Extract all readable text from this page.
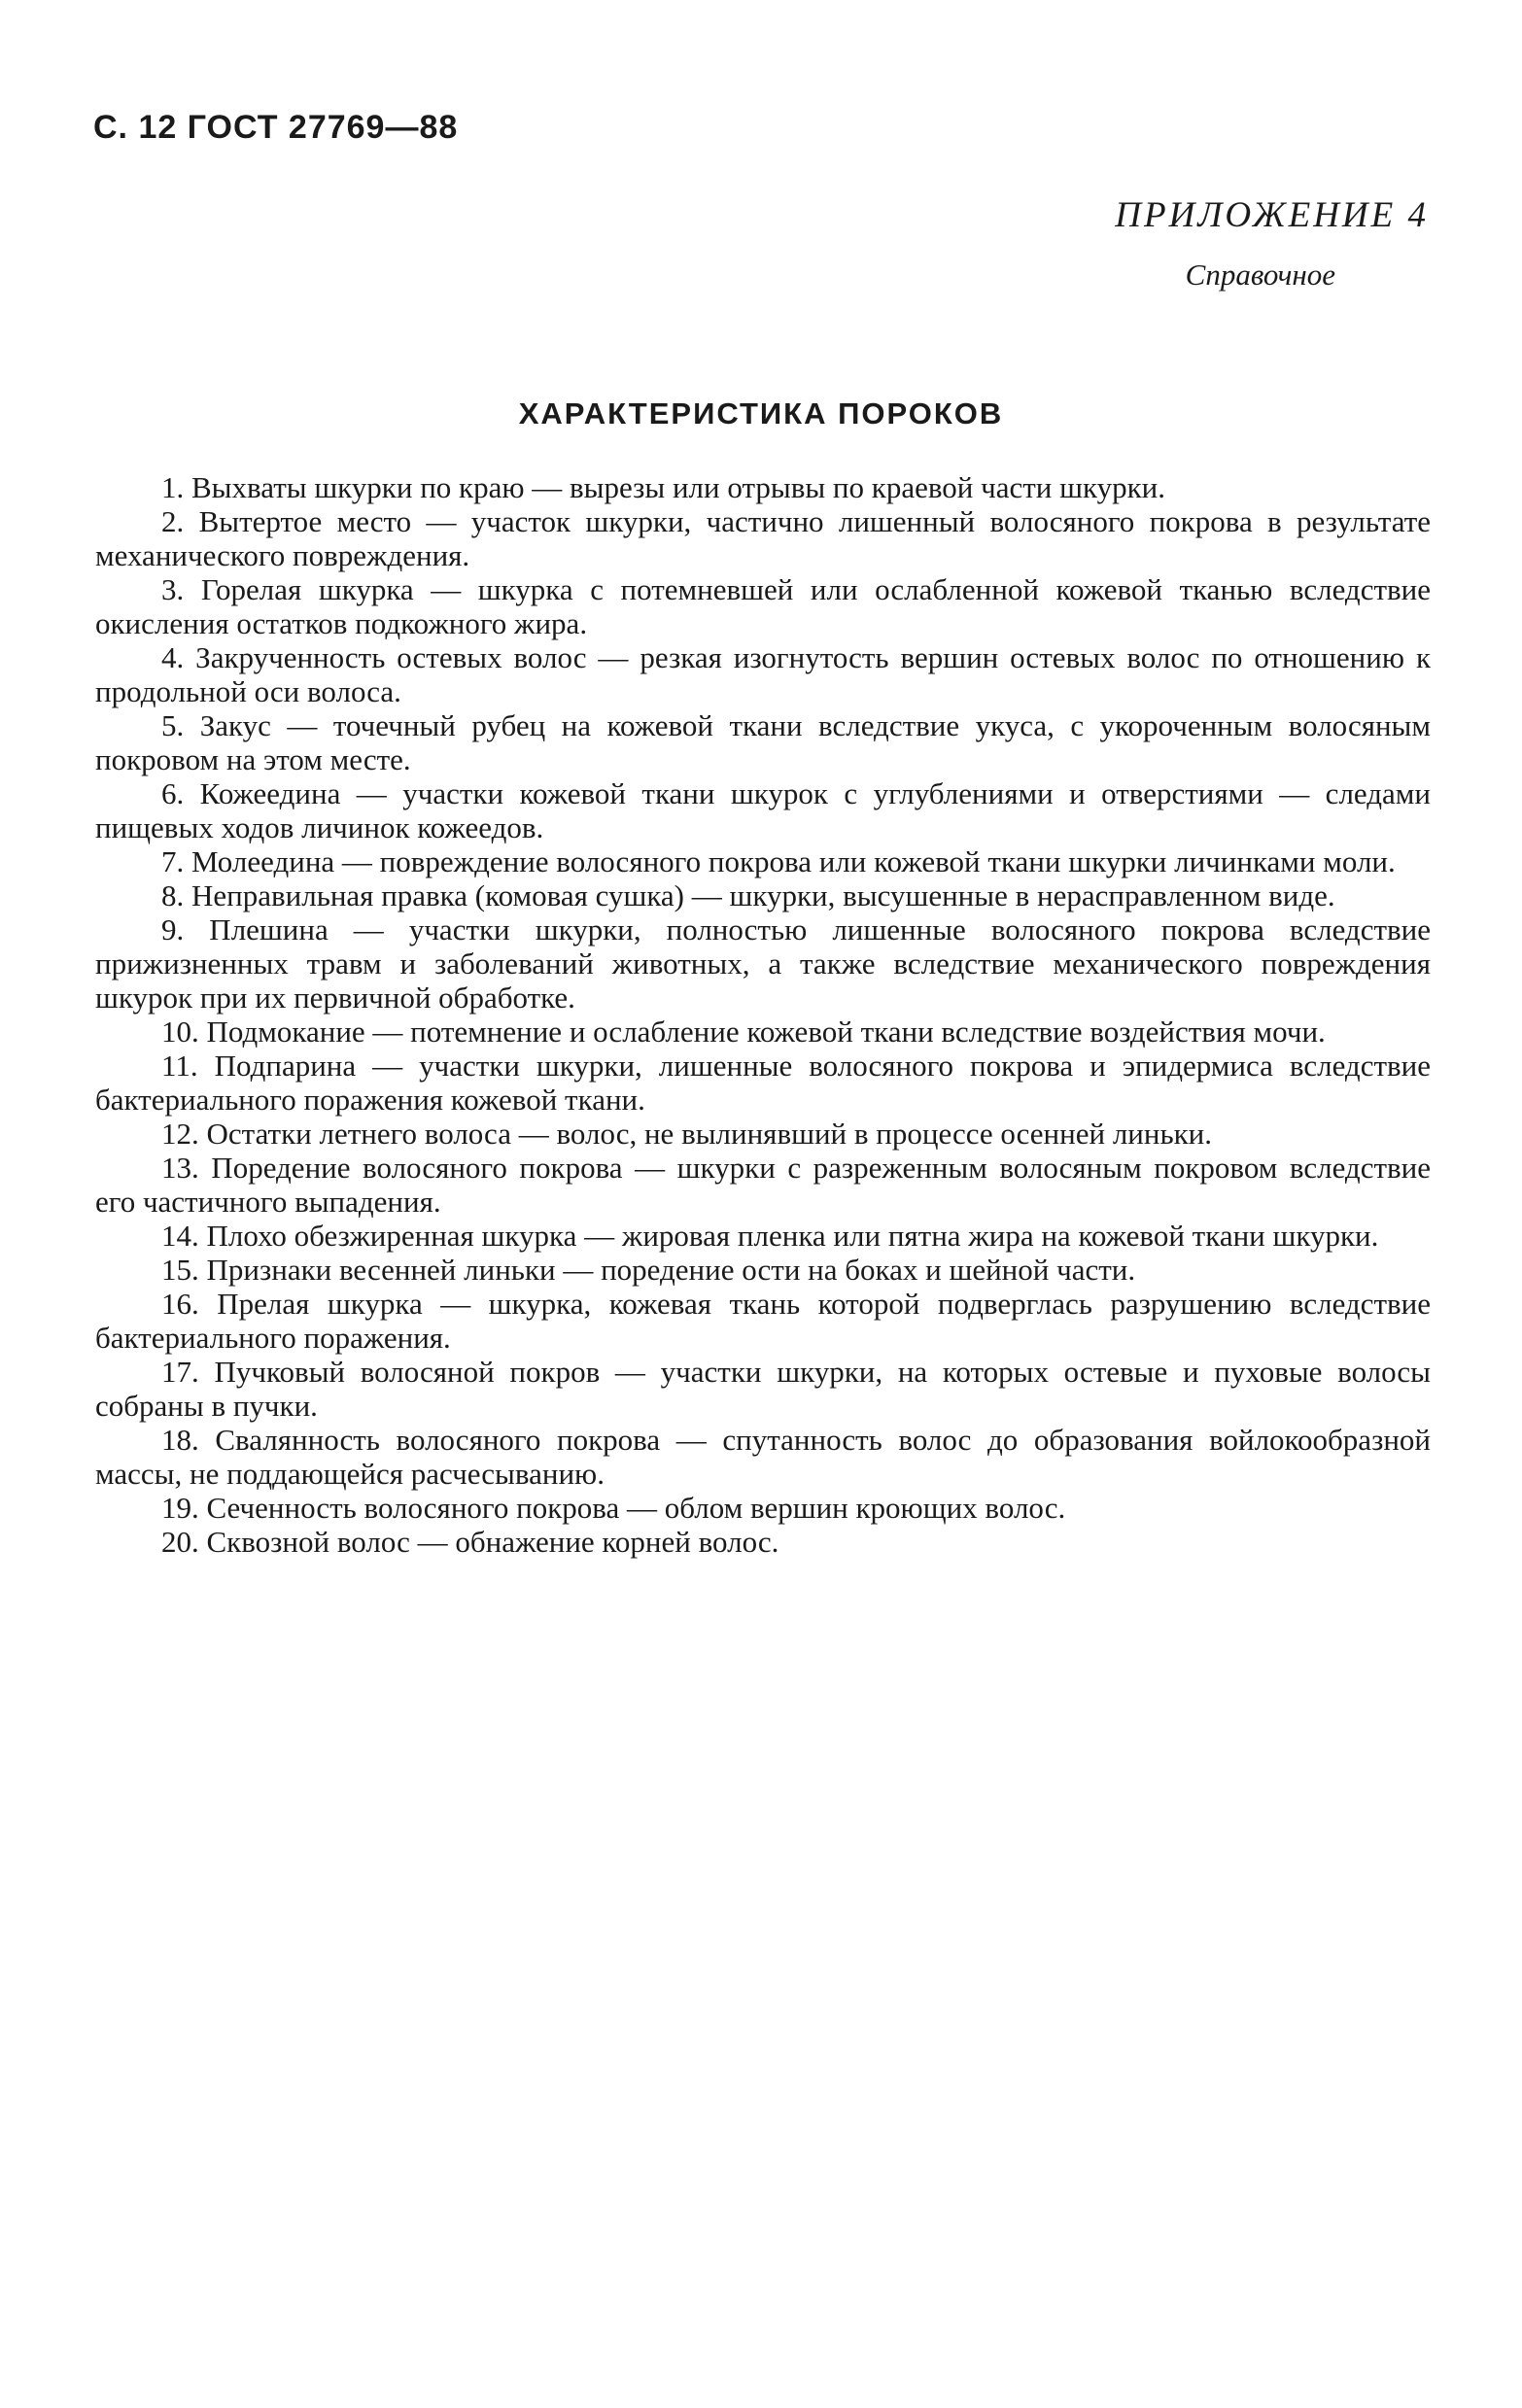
С. 12 ГОСТ 27769—88
ПРИЛОЖЕНИЕ 4
Справочное
ХАРАКТЕРИСТИКА ПОРОКОВ
1. Выхваты шкурки по краю — вырезы или отрывы по краевой части шкурки.
2. Вытертое место — участок шкурки, частично лишенный волосяного покрова в результате механического повреждения.
3. Горелая шкурка — шкурка с потемневшей или ослабленной кожевой тканью вследствие окисления остатков подкожного жира.
4. Закрученность остевых волос — резкая изогнутость вершин остевых волос по отношению к продольной оси волоса.
5. Закус — точечный рубец на кожевой ткани вследствие укуса, с укороченным волосяным покровом на этом месте.
6. Кожеедина — участки кожевой ткани шкурок с углублениями и отверстиями — следами пищевых ходов личинок кожеедов.
7. Молеедина — повреждение волосяного покрова или кожевой ткани шкурки личинками моли.
8. Неправильная правка (комовая сушка) — шкурки, высушенные в нерасправленном виде.
9. Плешина — участки шкурки, полностью лишенные волосяного покрова вследствие прижизненных травм и заболеваний животных, а также вследствие механического повреждения шкурок при их первичной обработке.
10. Подмокание — потемнение и ослабление кожевой ткани вследствие воздействия мочи.
11. Подпарина — участки шкурки, лишенные волосяного покрова и эпидермиса вследствие бактериального поражения кожевой ткани.
12. Остатки летнего волоса — волос, не вылинявший в процессе осенней линьки.
13. Поредение волосяного покрова — шкурки с разреженным волосяным покровом вследствие его частичного выпадения.
14. Плохо обезжиренная шкурка — жировая пленка или пятна жира на кожевой ткани шкурки.
15. Признаки весенней линьки — поредение ости на боках и шейной части.
16. Прелая шкурка — шкурка, кожевая ткань которой подверглась разрушению вследствие бактериального поражения.
17. Пучковый волосяной покров — участки шкурки, на которых остевые и пуховые волосы собраны в пучки.
18. Свалянность волосяного покрова — спутанность волос до образования войлокообразной массы, не поддающейся расчесыванию.
19. Сеченность волосяного покрова — облом вершин кроющих волос.
20. Сквозной волос — обнажение корней волос.
